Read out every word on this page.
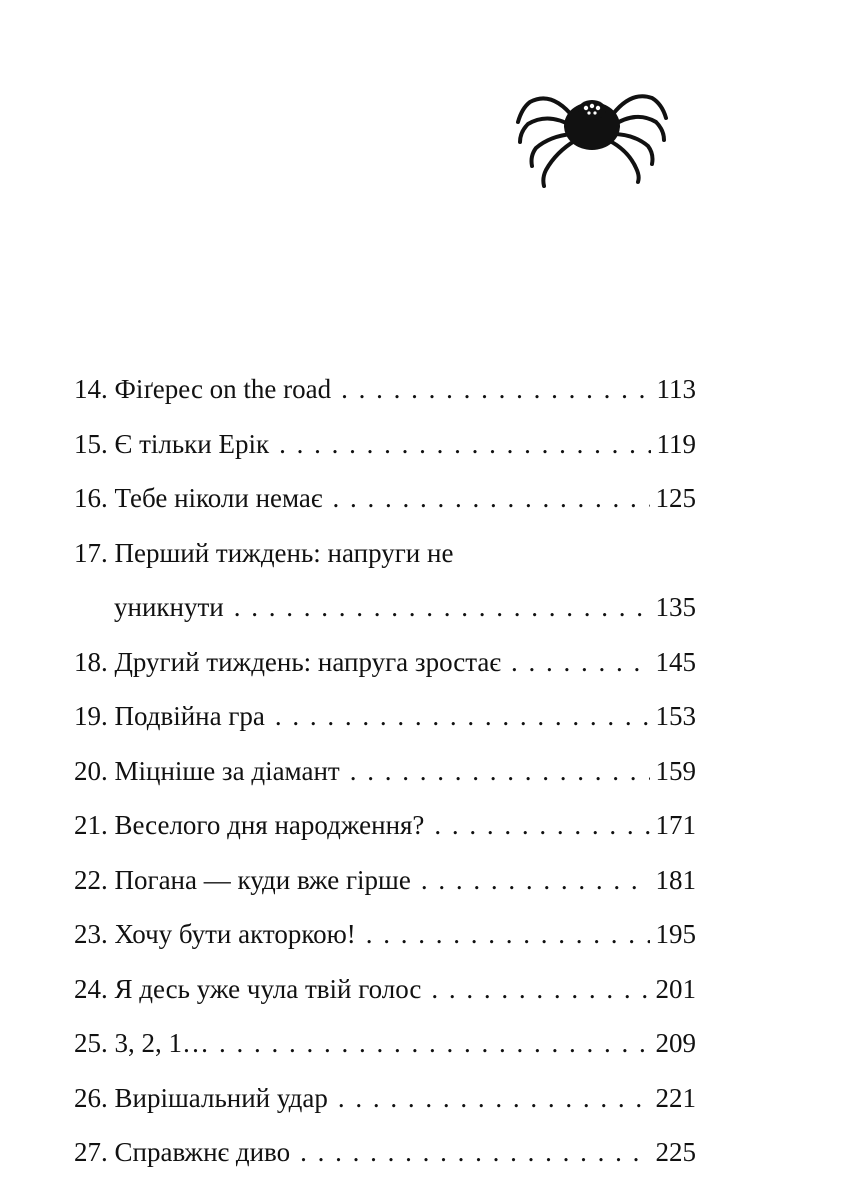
14. Фіґерес on the road . . .	113
15. Є тільки Ерік . . .	119
16. Тебе ніколи немає . . .	125
17. Перший тиждень: напруги не
уникнути . . .	135
18. Другий тиждень: напруга зростає . . .	145
19. Подвійна гра . . .	153
20. Міцніше за діамант . . .	159
21. Веселого дня народження? . . .	171
22. Погана — куди вже гірше . . .	181
23. Хочу бути акторкою! . . .	195
24. Я десь уже чула твій голос . . .	201
25. 3, 2, 1… . . .	209
26. Вирішальний удар . . .	221
27. Справжнє диво . . .	225
